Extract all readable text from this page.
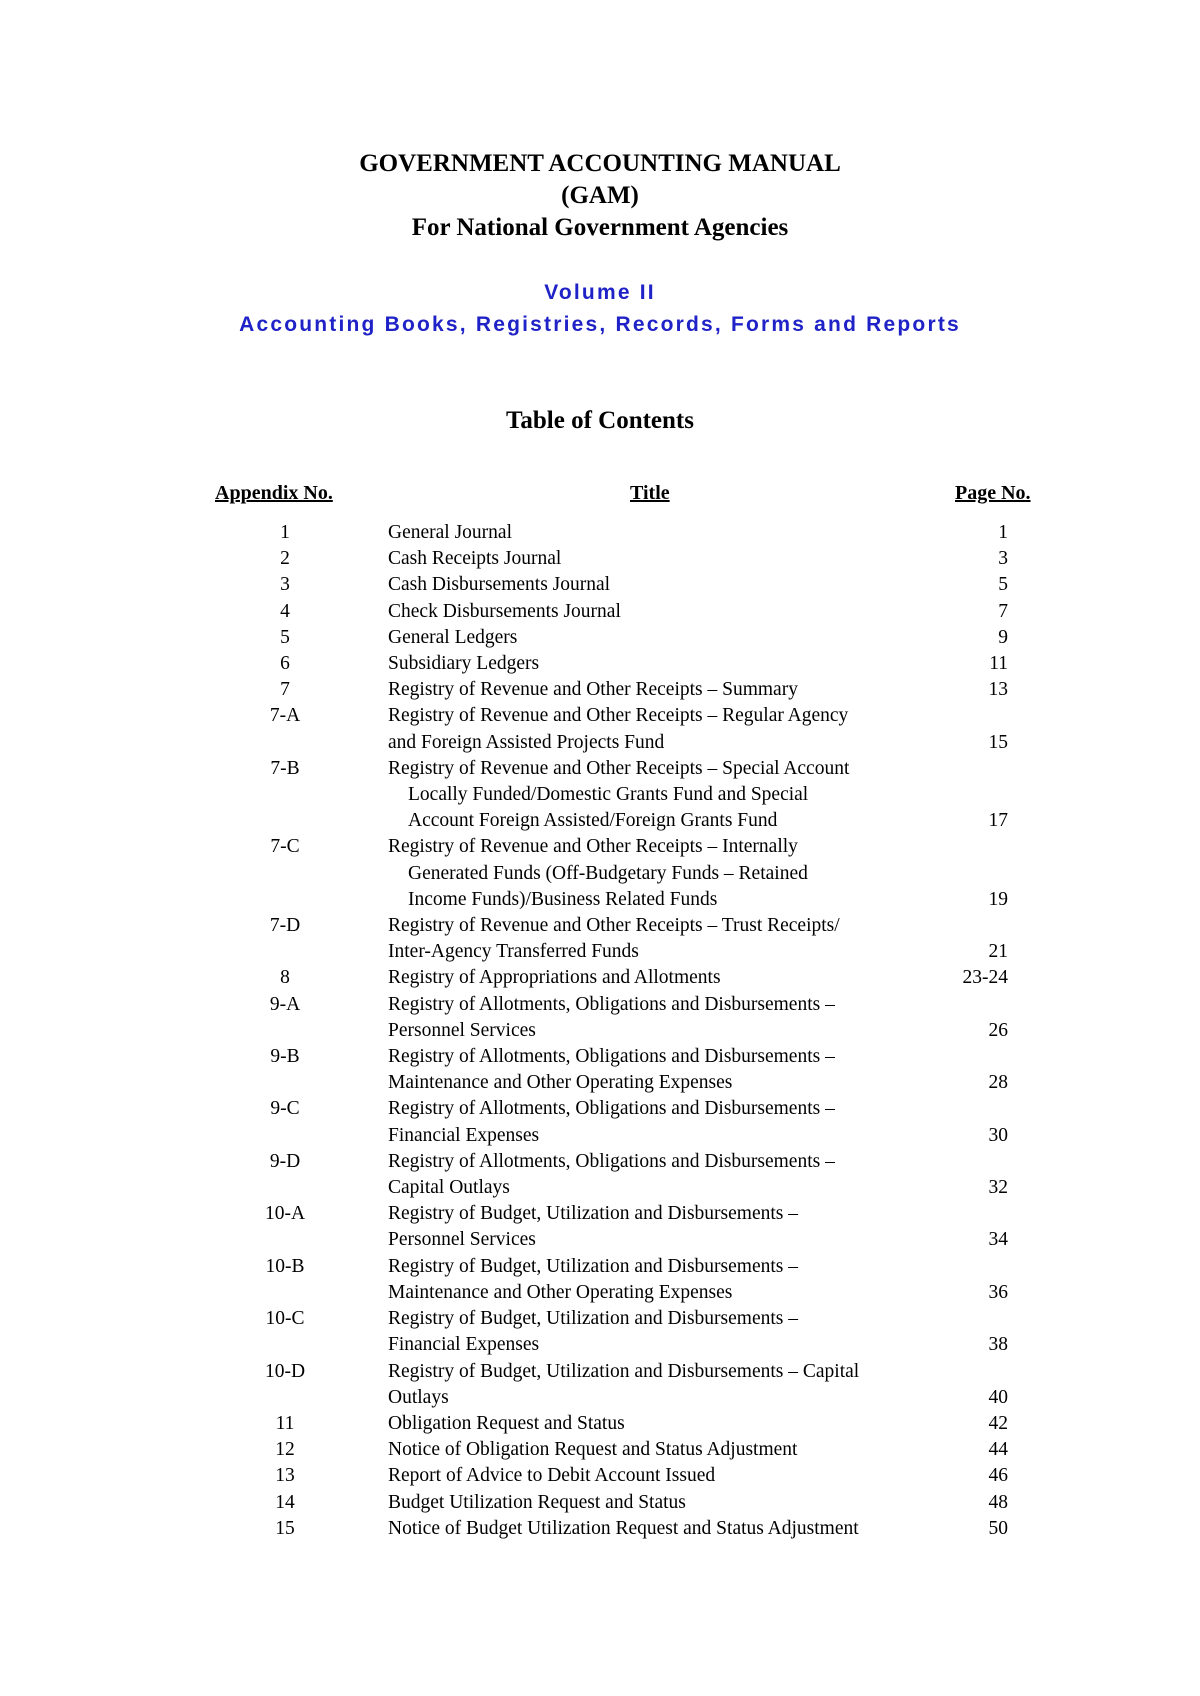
GOVERNMENT ACCOUNTING MANUAL
(GAM)
For National Government Agencies
Volume II
Accounting Books, Registries, Records, Forms and Reports
Table of Contents
Appendix No.	Title	Page No.
1	General Journal	1
2	Cash Receipts Journal	3
3	Cash Disbursements Journal	5
4	Check Disbursements Journal	7
5	General Ledgers	9
6	Subsidiary Ledgers	11
7	Registry of Revenue and Other Receipts – Summary	13
7-A	Registry of Revenue and Other Receipts – Regular Agency
and Foreign Assisted Projects Fund	15
7-B	Registry of Revenue and Other Receipts – Special Account
Locally Funded/Domestic Grants Fund and Special
Account Foreign Assisted/Foreign Grants Fund	17
7-C	Registry of Revenue and Other Receipts – Internally
Generated Funds (Off-Budgetary Funds – Retained
Income Funds)/Business Related Funds	19
7-D	Registry of Revenue and Other Receipts – Trust Receipts/
Inter-Agency Transferred Funds	21
8	Registry of Appropriations and Allotments	23-24
9-A	Registry of Allotments, Obligations and Disbursements –
Personnel Services	26
9-B	Registry of Allotments, Obligations and Disbursements –
Maintenance and Other Operating Expenses	28
9-C	Registry of Allotments, Obligations and Disbursements –
Financial Expenses	30
9-D	Registry of Allotments, Obligations and Disbursements –
Capital Outlays	32
10-A	Registry of Budget, Utilization and Disbursements –
Personnel Services	34
10-B	Registry of Budget, Utilization and Disbursements –
Maintenance and Other Operating Expenses	36
10-C	Registry of Budget, Utilization and Disbursements –
Financial Expenses	38
10-D	Registry of Budget, Utilization and Disbursements – Capital
Outlays	40
11	Obligation Request and Status	42
12	Notice of Obligation Request and Status Adjustment	44
13	Report of Advice to Debit Account Issued	46
14	Budget Utilization Request and Status	48
15	Notice of Budget Utilization Request and Status Adjustment	50
